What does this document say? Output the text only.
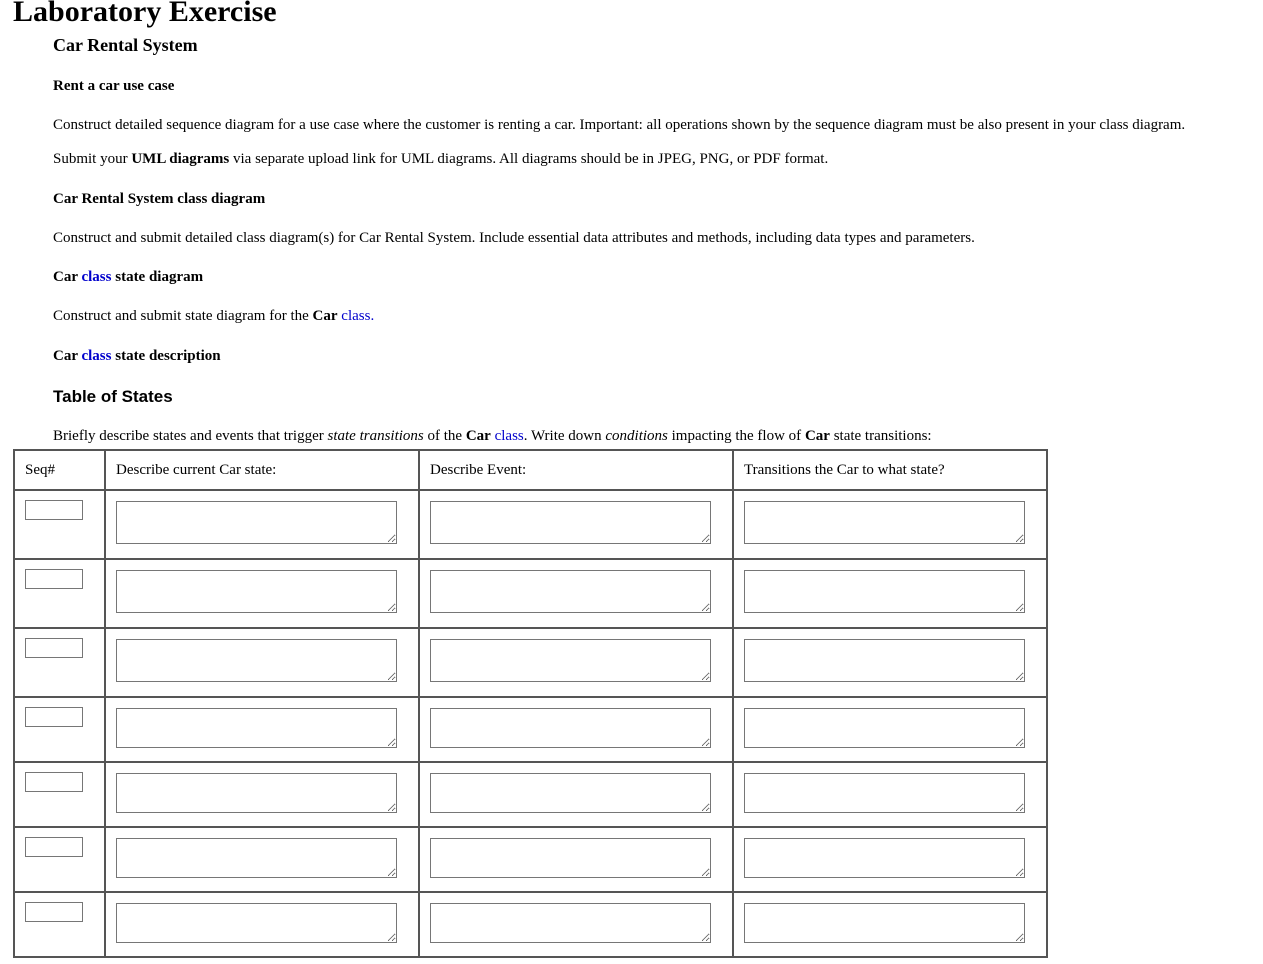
Laboratory Exercise
Car Rental System
Rent a car use case

Construct detailed sequence diagram for a use case where the customer is renting a car. Important: all operations shown by the sequence diagram must be also present in your class diagram.

Submit your UML diagrams via separate upload link for UML diagrams. All diagrams should be in JPEG, PNG, or PDF format.

Car Rental System class diagram

Construct and submit detailed class diagram(s) for Car Rental System. Include essential data attributes and methods, including data types and parameters.

Car class state diagram

Construct and submit state diagram for the Car class.

Car class state description
Table of States

Briefly describe states and events that trigger state transitions of the Car class. Write down conditions impacting the flow of Car state transitions:

Seq#	Describe current Car state:	Describe Event:	Transitions the Car to what state?
